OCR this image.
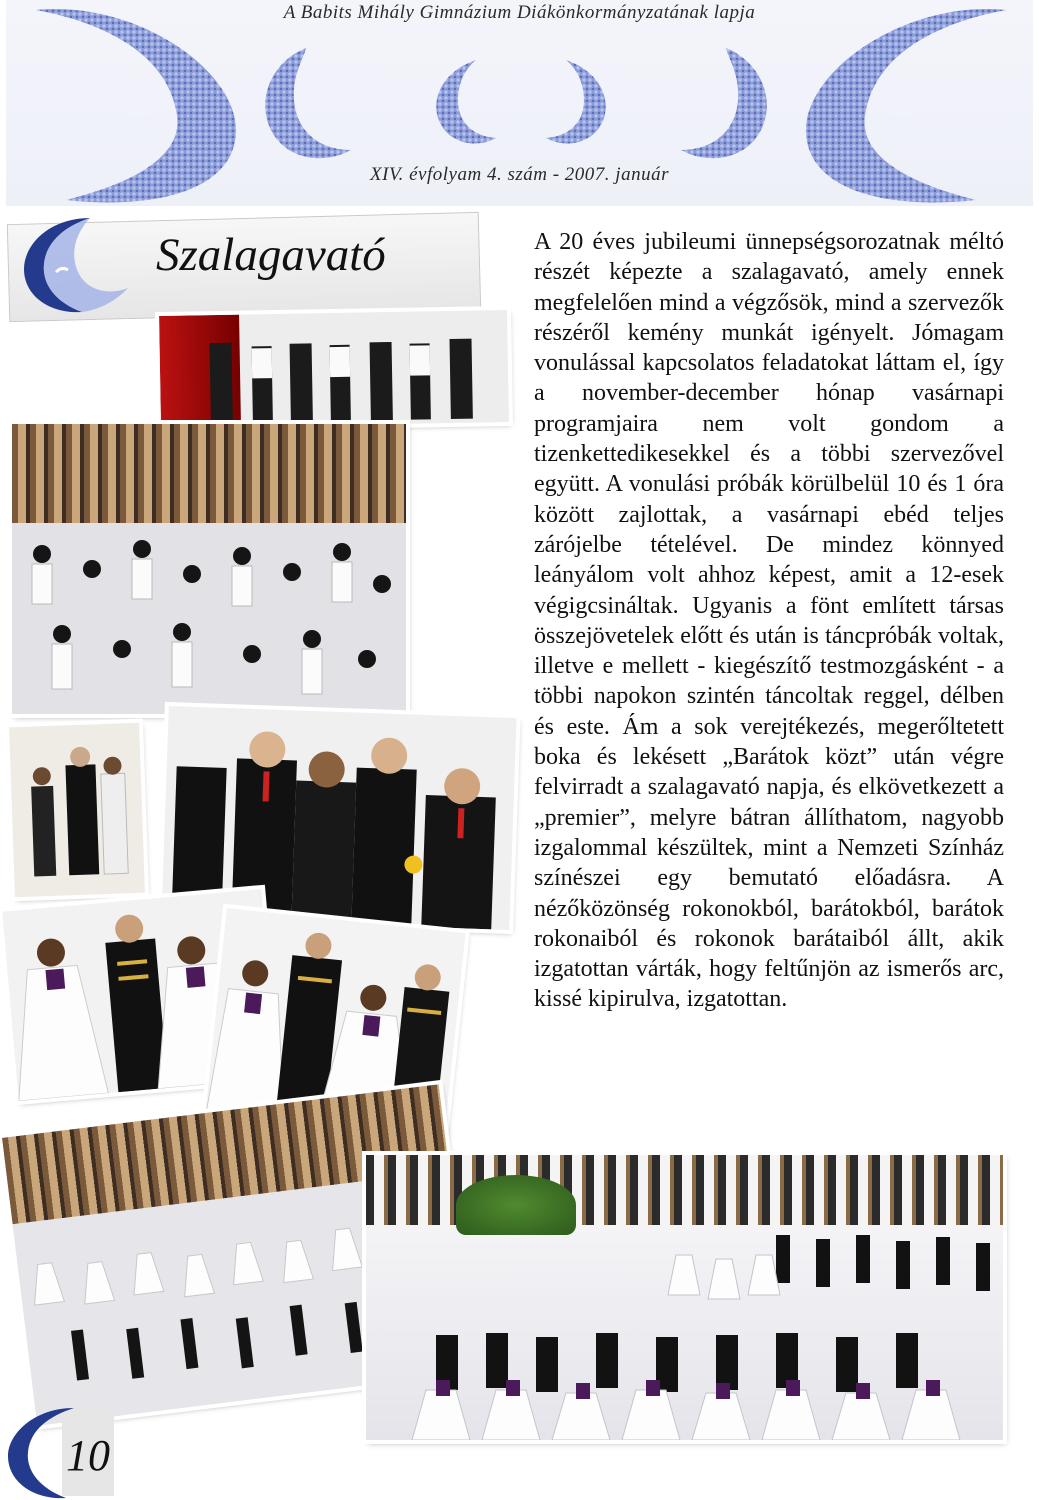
A Babits Mihály Gimnázium Diákönkormányzatának lapja
XIV. évfolyam 4. szám - 2007. január
Szalagavató	A 20 éves jubileumi ünnepségsorozatnak méltó részét képezte a szalagavató, amely ennek megfelelően mind a végzősök, mind a szervezők részéről kemény munkát igényelt. Jómagam vonulással kapcsolatos feladatokat láttam el, így a november-december hónap vasárnapi programjaira nem volt gondom a tizenkettedikesekkel és a többi szervezővel együtt. A vonulási próbák körülbelül 10 és 1 óra között zajlottak, a vasárnapi ebéd teljes zárójelbe tételével. De mindez könnyed leányálom volt ahhoz képest, amit a 12-esek végigcsináltak. Ugyanis a fönt említett társas összejövetelek előtt és után is táncpróbák voltak, illetve e mellett - kiegészítő testmozgásként - a többi napokon szintén táncoltak reggel, délben és este. Ám a sok verejtékezés, megerőltetett boka és lekésett „Barátok közt” után végre felvirradt a szalagavató napja, és elkövetkezett a „premier”, melyre bátran állíthatom, nagyobb izgalommal készültek, mint a Nemzeti Színház színészei egy bemutató előadásra. A nézőközönség rokonokból, barátokból, barátok rokonaiból és rokonok barátaiból állt, akik izgatottan várták, hogy feltűnjön az ismerős arc, kissé kipirulva, izgatottan.
10
